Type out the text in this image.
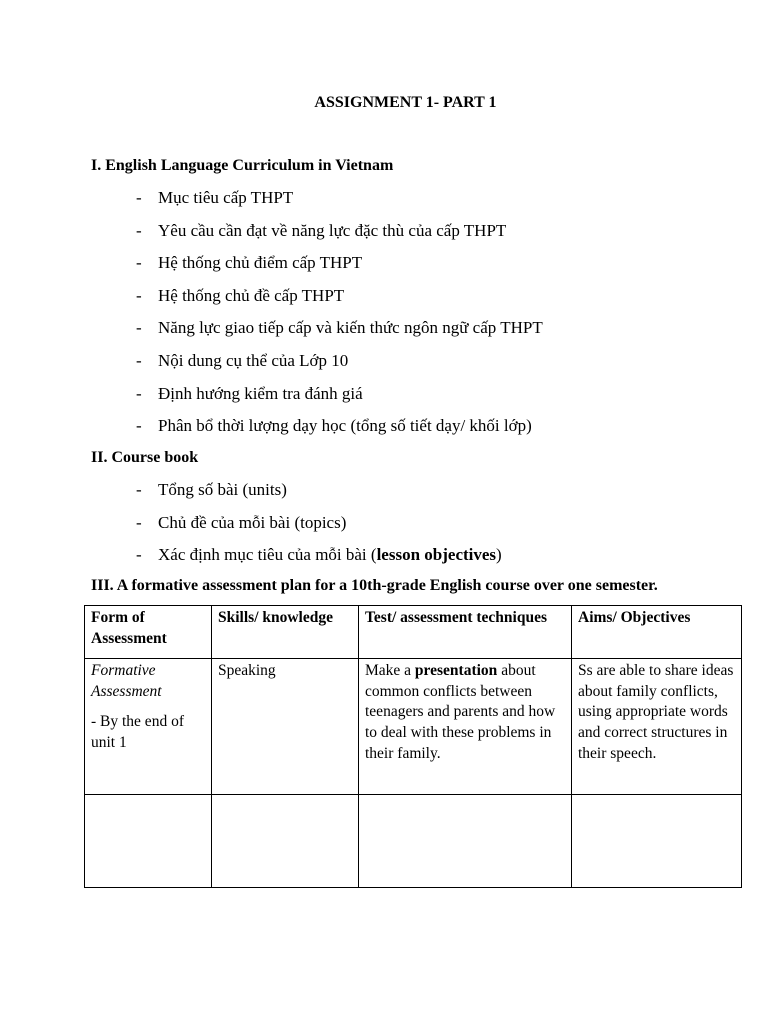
ASSIGNMENT 1- PART 1
I. English Language Curriculum in Vietnam
- Mục tiêu cấp THPT
- Yêu cầu cần đạt về năng lực đặc thù của cấp THPT
- Hệ thống chủ điểm cấp THPT
- Hệ thống chủ đề cấp THPT
- Năng lực giao tiếp cấp và kiến thức ngôn ngữ cấp THPT
- Nội dung cụ thể của Lớp 10
- Định hướng kiểm tra đánh giá
- Phân bổ thời lượng dạy học (tổng số tiết dạy/ khối lớp)
II. Course book
- Tổng số bài (units)
- Chủ đề của mỗi bài (topics)
- Xác định mục tiêu của mỗi bài (lesson objectives)
III. A formative assessment plan for a 10th-grade English course over one semester.
Form of Assessment	Skills/ knowledge	Test/ assessment techniques	Aims/ Objectives

Formative Assessment
- By the end of unit 1	Speaking	Make a presentation about common conflicts between teenagers and parents and how to deal with these problems in their family.	Ss are able to share ideas about family conflicts, using appropriate words and correct structures in their speech.
